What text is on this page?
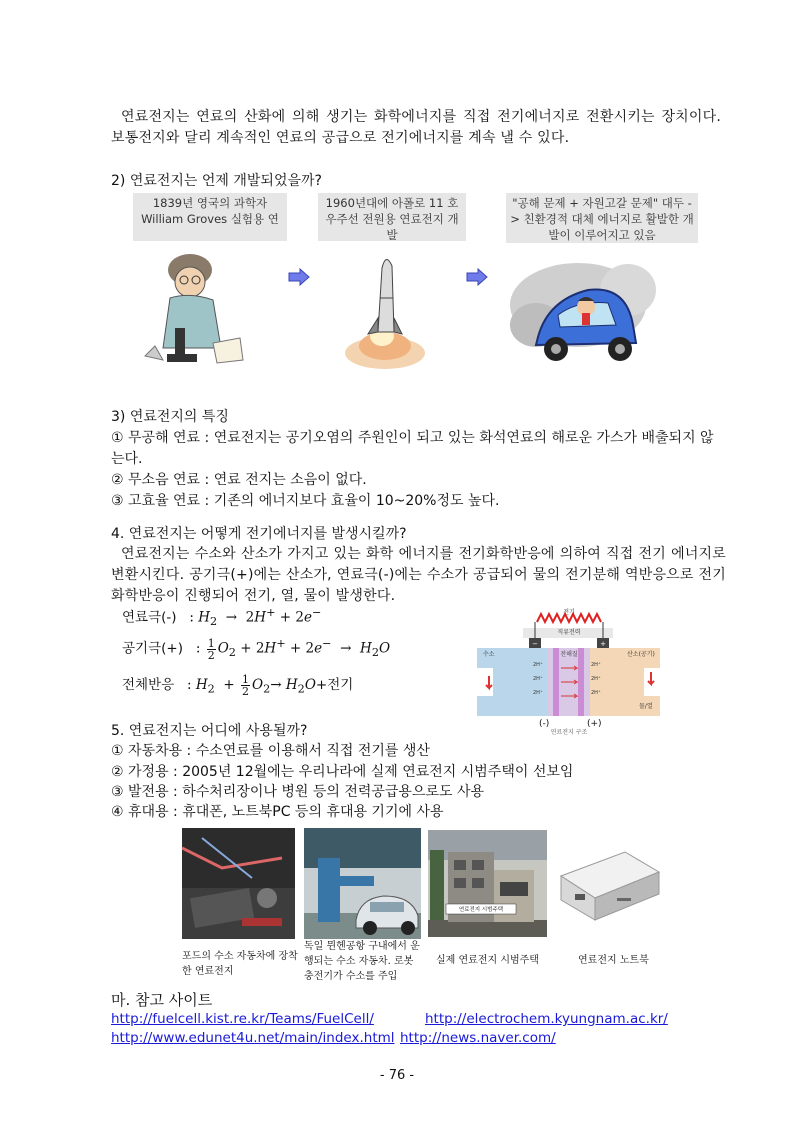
연료전지는 연료의 산화에 의해 생기는 화학에너지를 직접 전기에너지로 전환시키는 장치이다. 보통전지와 달리 계속적인 연료의 공급으로 전기에너지를 계속 낼 수 있다.
2) 연료전지는 언제 개발되었을까?
1839년 영국의 과학자 William Groves 실험용 연
1960년대에 아폴로 11 호 우주선 전원용 연료전지 개발
"공해 문제 + 자원고갈 문제" 대두 -> 친환경적 대체 에너지로 활발한 개발이 이루어지고 있음
3) 연료전지의 특징
① 무공해 연료 : 연료전지는 공기오염의 주원인이 되고 있는 화석연료의 해로운 가스가 배출되지 않는다.
② 무소음 연료 : 연료 전지는 소음이 없다.
③ 고효율 연료 : 기존의 에너지보다 효율이 10~20%정도 높다.
4. 연료전지는 어떻게 전기에너지를 발생시킬까?
연료전지는 수소와 산소가 가지고 있는 화학 에너지를 전기화학반응에 의하여 직접 전기 에너지로 변환시킨다. 공기극(+)에는 산소가, 연료극(-)에는 수소가 공급되어 물의 전기분해 역반응으로 전기화학반응이 진행되어 전기, 열, 물이 발생한다.
연료극(-)   : $H_2 \to 2H^+ + 2e^-$
공기극(+)   : $\frac{1}{2} O_2 + 2H^+ + 2e^- \to H_2O$
전체반응   : $H_2 + \frac{1}{2} O_2\to H_2O+$전기
전기
직류전력
−	+
수소	전해질	산소(공기)
물/열
2H⁺
2H⁺
2H⁺
2H⁺
2H⁺
2H⁺
(-)	(+)
연료전지 구조
5. 연료전지는 어디에 사용될까?
① 자동차용 : 수소연료를 이용해서 직접 전기를 생산
② 가정용 : 2005년 12월에는 우리나라에 실제 연료전지 시범주택이 선보임
③ 발전용 : 하수처리장이나 병원 등의 전력공급용으로도 사용
④ 휴대용 : 휴대폰, 노트북PC 등의 휴대용 기기에 사용
포드의 수소 자동차에 장착한 연료전지
독일 뮌헨공항 구내에서 운행되는 수소 자동차. 로봇 충전기가 수소를 주입
연료전지 시범주택
실제 연료전지 시범주택	연료전지 노트북
마. 참고 사이트
http://fuelcell.kist.re.kr/Teams/FuelCell/	http://electrochem.kyungnam.ac.kr/
http://www.edunet4u.net/main/index.html http://news.naver.com/
- 76 -
